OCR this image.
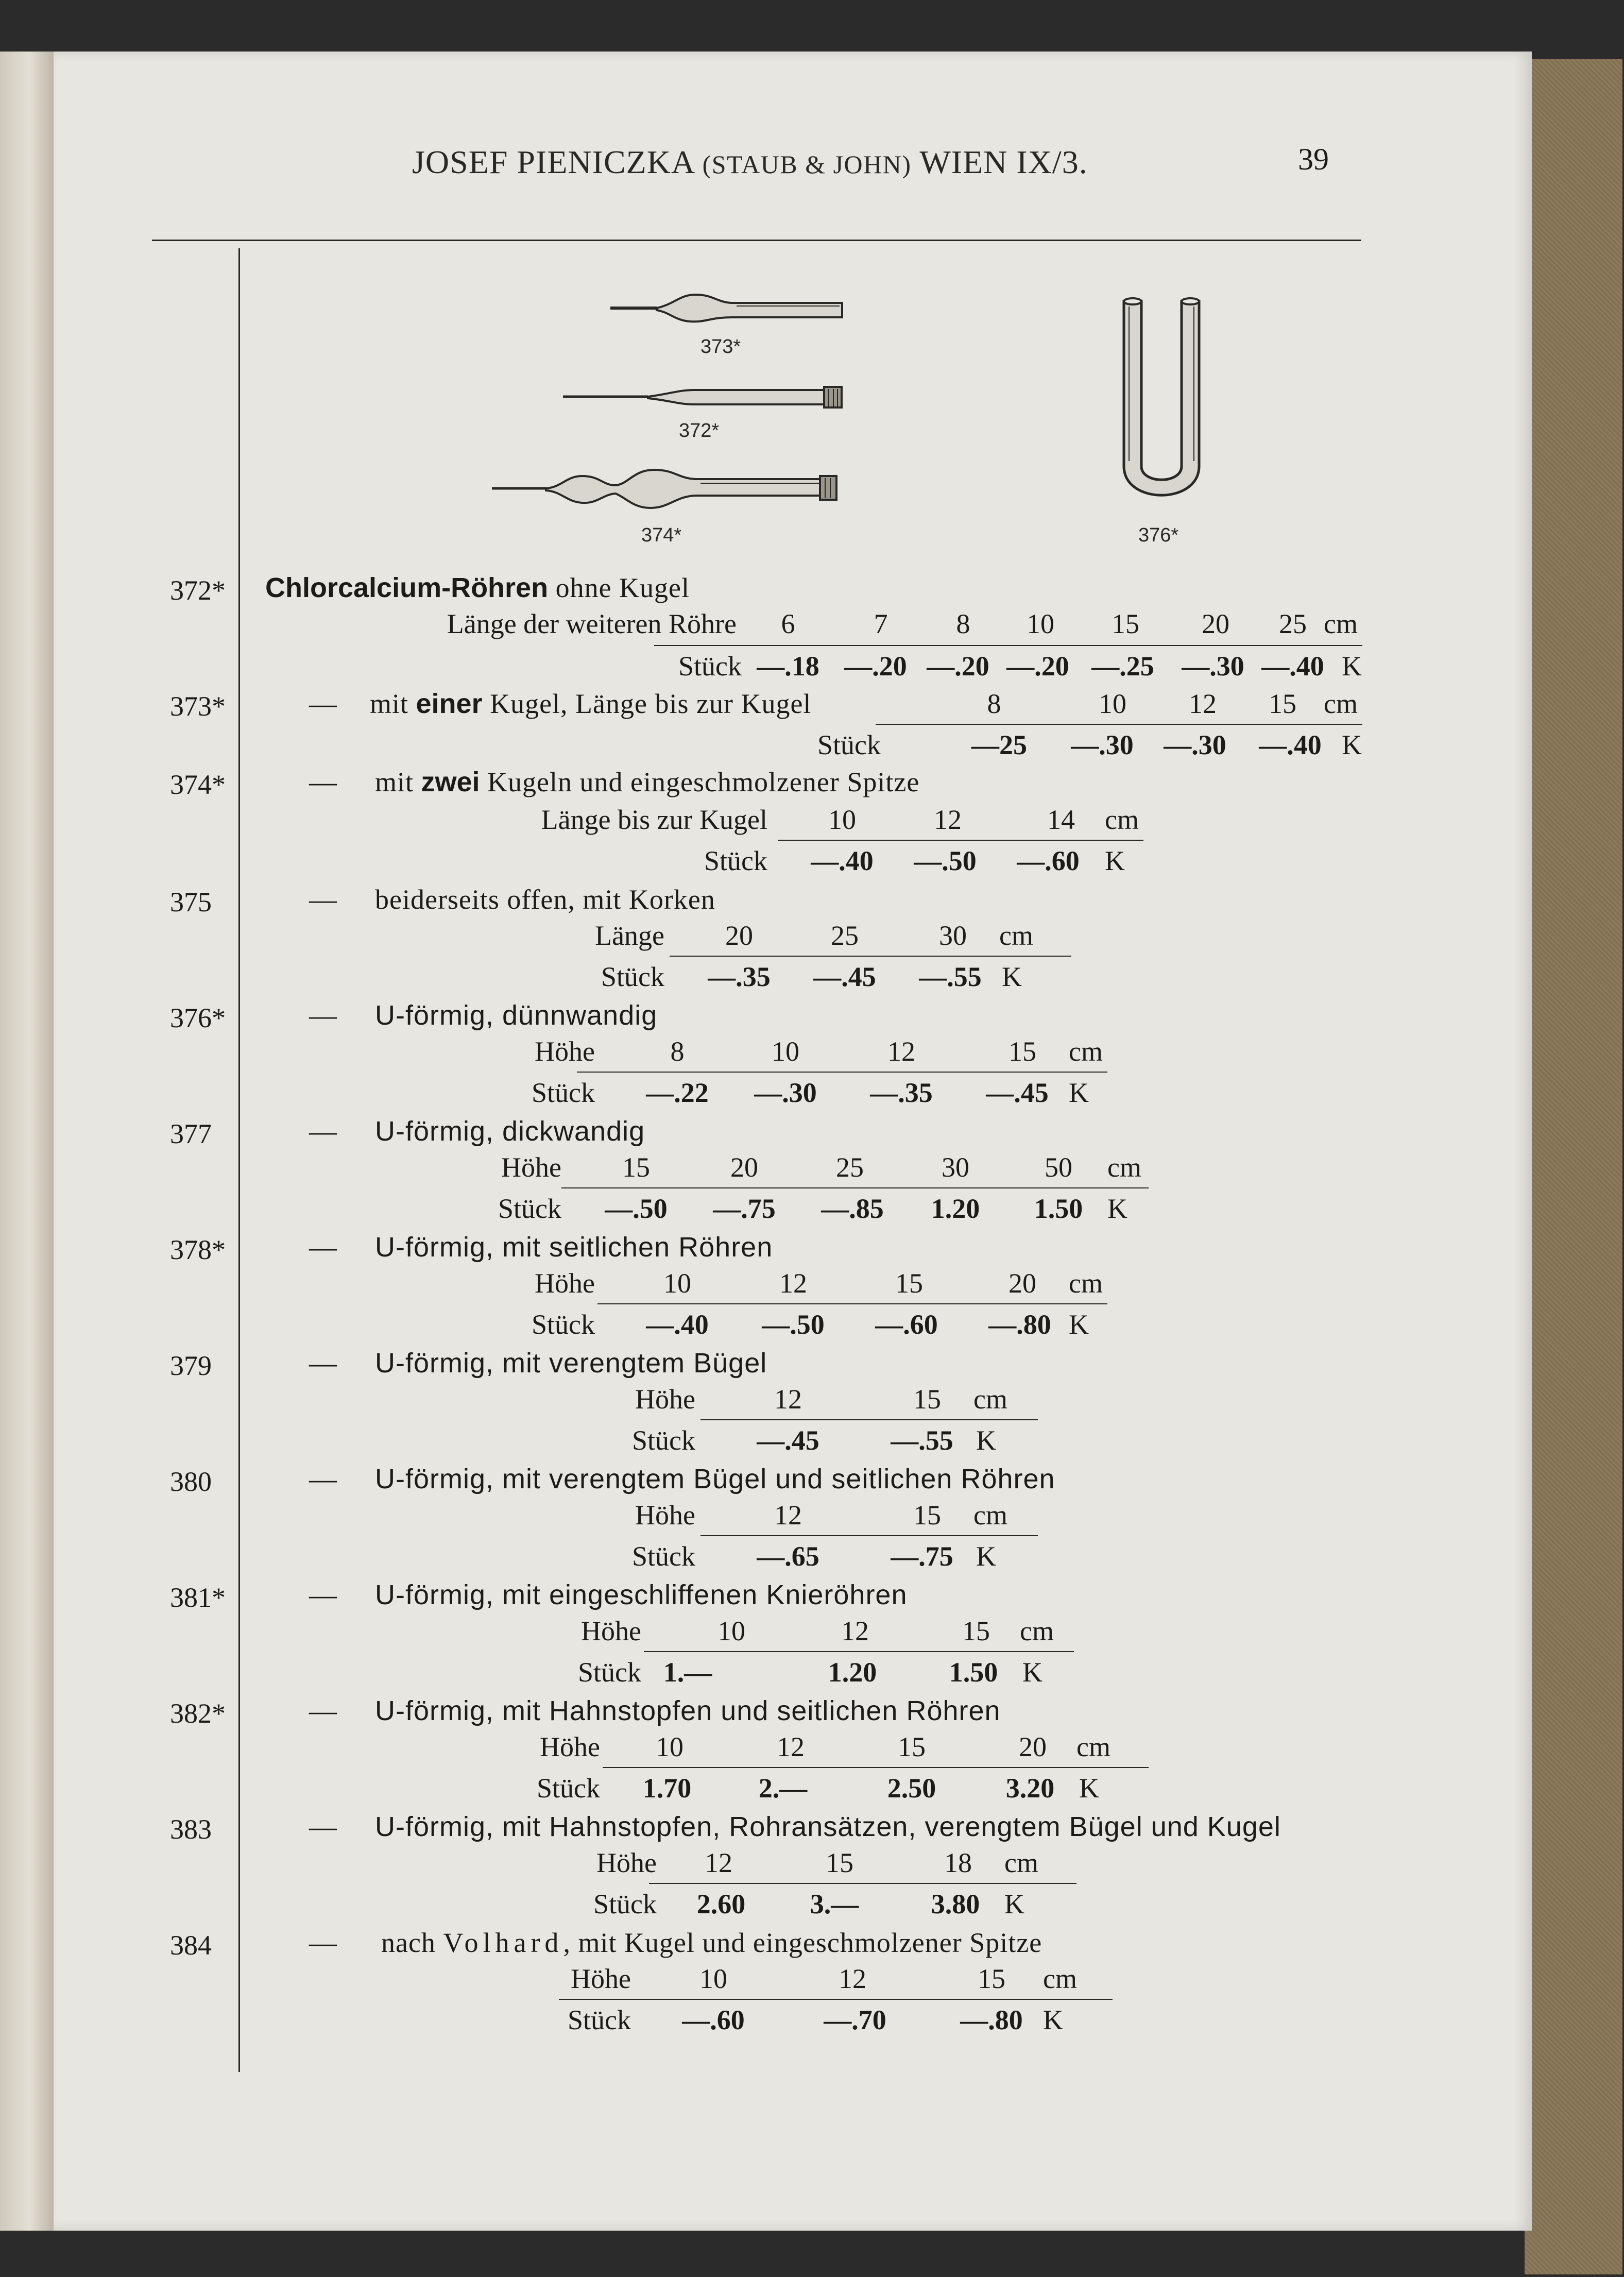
JOSEF PIENICZKA (STAUB & JOHN) WIEN IX/3.	39
373*
372*
374*	376*
372* Chlorcalcium-Röhren ohne Kugel
Länge der weiteren Röhre	6	7	8	10	15	20	25 cm
Stück —.18 —.20 —.20 —.20 —.25 —.30 —.40 K
373*	— mit einer Kugel, Länge bis zur Kugel	8	10	12	15 cm
Stück	—25	—.30	—.30	—.40 K
374*	— mit zwei Kugeln und eingeschmolzener Spitze
Länge bis zur Kugel	10	12	14	cm
Stück	—.40	—.50	—.60 K
375	— beiderseits offen, mit Korken
Länge	20	25	30	cm
Stück	—.35	—.45	—.55 K
376*	— U-förmig, dünnwandig
Höhe	8	10	12	15	cm
Stück	—.22	—.30	—.35	—.45 K
377	— U-förmig, dickwandig
Höhe	15	20	25	30	50	cm
Stück	—.50	—.75	—.85	1.20	1.50 K
378*	— U-förmig, mit seitlichen Röhren
Höhe	10	12	15	20	cm
Stück	—.40	—.50	—.60	—.80 K
379	— U-förmig, mit verengtem Bügel
Höhe	12	15	cm
Stück	—.45	—.55 K
380	— U-förmig, mit verengtem Bügel und seitlichen Röhren
Höhe	12	15	cm
Stück	—.65	—.75 K
381*	— U-förmig, mit eingeschliffenen Knieröhren
Höhe	10	12	15	cm
Stück 1.—	1.20	1.50 K
382*	— U-förmig, mit Hahnstopfen und seitlichen Röhren
Höhe	10	12	15	20	cm
Stück	1.70	2.—	2.50	3.20 K
383	— U-förmig, mit Hahnstopfen, Rohransätzen, verengtem Bügel und Kugel
Höhe	12	15	18	cm
Stück	2.60	3.—	3.80 K
384	— nach Volhard, mit Kugel und eingeschmolzener Spitze
Höhe	10	12	15	cm
Stück	—.60	—.70	—.80 K
